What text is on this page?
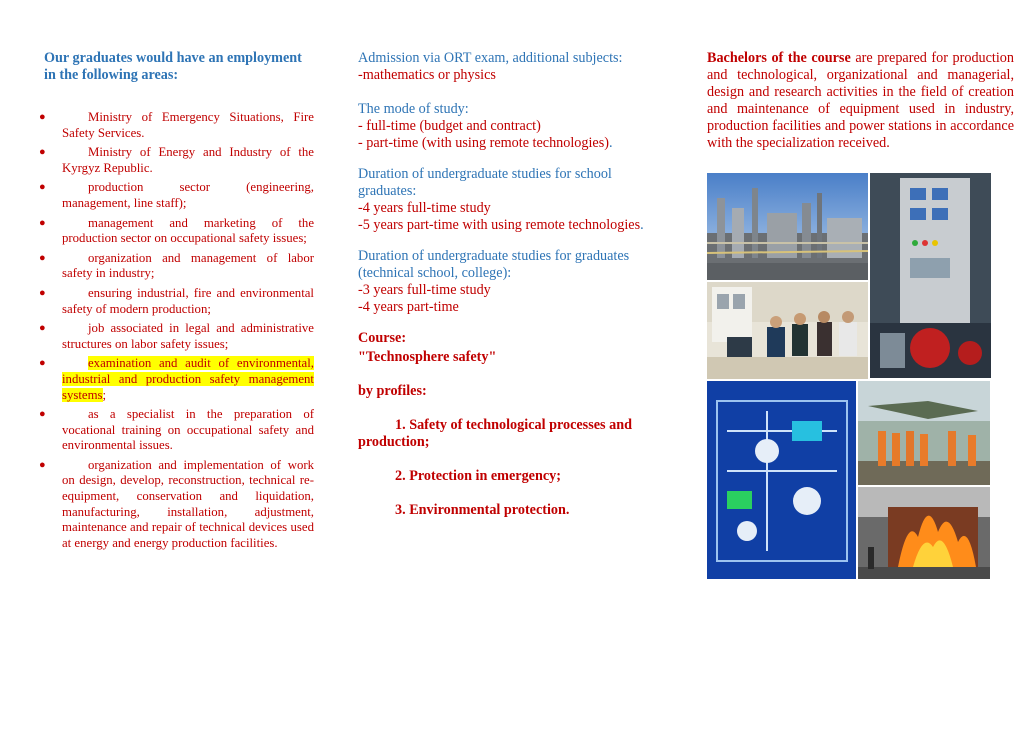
Our graduates would have an employment in the following areas:

●	Ministry of Emergency Situations, Fire Safety Services.
●	Ministry of Energy and Industry of the Kyrgyz Republic.
●	production sector (engineering, management, line staff);
●	management and marketing of the production sector on occupational safety issues;
●	organization and management of labor safety in industry;
●	ensuring industrial, fire and environmental safety of modern production;
●	job associated in legal and administrative structures on labor safety issues;
●	examination and audit of environmental, industrial and production safety management systems;
●	as a specialist in the preparation of vocational training on occupational safety and environmental issues.
●	organization and implementation of work on design, develop, reconstruction, technical re-equipment, conservation and liquidation, manufacturing, installation, adjustment, maintenance and repair of technical devices used at energy and energy production facilities.

Admission via ORT exam, additional subjects:

-mathematics or physics

The mode of study:

- full-time (budget and contract)

- part-time (with using remote technologies).

Duration of undergraduate studies for school graduates:

-4 years full-time study

-5 years part-time with using remote technologies.

Duration of undergraduate studies for graduates (technical school, college):

-3 years full-time study

-4 years part-time

Course:

"Technosphere safety"

by profiles:

1. Safety of technological processes and production;

2. Protection in emergency;

3. Environmental protection.

Bachelors of the course are prepared for production and technological, organizational and managerial, design and research activities in the field of creation and maintenance of equipment used in industry, production facilities and power stations in accordance with the specialization received.
